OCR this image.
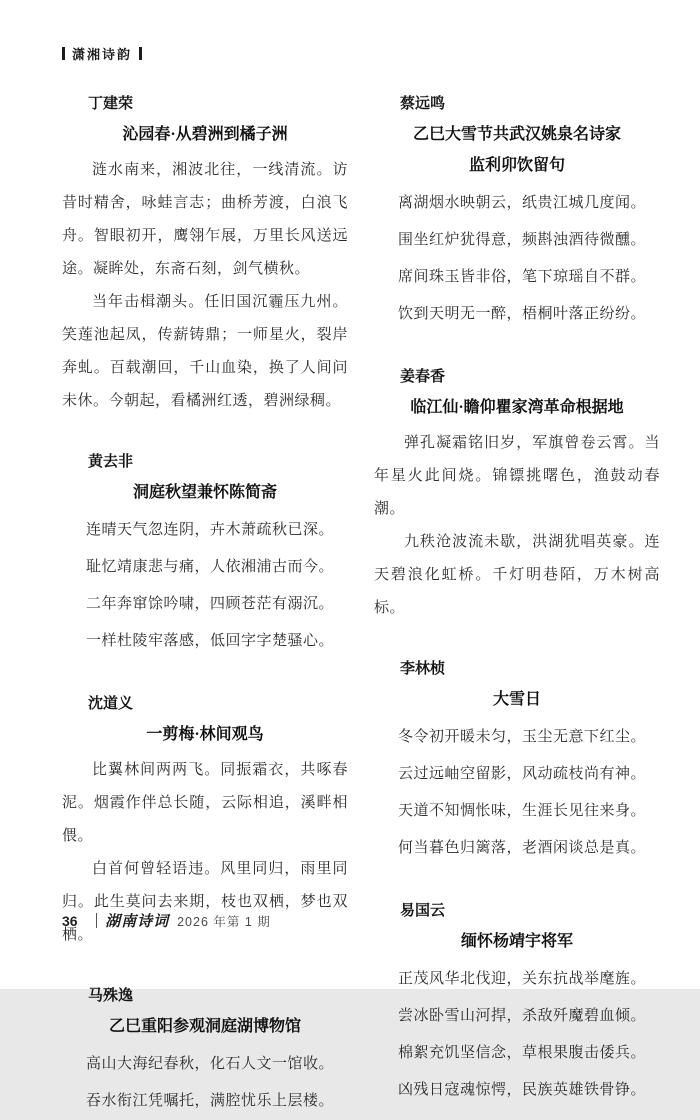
潇湘诗韵
丁建荣
沁园春·从碧洲到橘子洲

涟水南来，湘波北往，一线清流。访昔时精舍，咏蛙言志；曲桥芳渡，白浪飞舟。智眼初开，鹰翎乍展，万里长风送远途。凝眸处，东斋石刻，剑气横秋。

当年击楫潮头。任旧国沉霾压九州。笑莲池起凤，传薪铸鼎；一师星火，裂岸奔虬。百载潮回，千山血染，换了人间问未休。今朝起，看橘洲红透，碧洲绿稠。

黄去非
洞庭秋望兼怀陈简斋
连晴天气忽连阴，卉木萧疏秋已深。
耻忆靖康悲与痛，人依湘浦古而今。
二年奔窜馀吟啸，四顾苍茫有溺沉。
一样杜陵牢落感，低回字字楚骚心。
沈道义
一剪梅·林间观鸟

比翼林间两两飞。同振霜衣，共啄春泥。烟霞作伴总长随，云际相追，溪畔相偎。

白首何曾轻语违。风里同归，雨里同归。此生莫问去来期，枝也双栖，梦也双栖。

马殊逸
乙巳重阳参观洞庭湖博物馆
高山大海纪春秋，化石人文一馆收。
吞水衔江凭嘱托，满腔忧乐上层楼。
蔡远鸣
乙巳大雪节共武汉姚泉名诗家
监利卯饮留句
离湖烟水映朝云，纸贵江城几度闻。
围坐红炉犹得意，频斟浊酒待微醺。
席间珠玉皆非俗，笔下琼瑶自不群。
饮到天明无一醉，梧桐叶落正纷纷。
姜春香
临江仙·瞻仰瞿家湾革命根据地

弹孔凝霜铭旧岁，军旗曾卷云霄。当年星火此间烧。锦镖挑曙色，渔鼓动春潮。

九秩沧波流未歇，洪湖犹唱英豪。连天碧浪化虹桥。千灯明巷陌，万木树高标。

李林桢
大雪日
冬令初开暖未匀，玉尘无意下红尘。
云过远岫空留影，风动疏枝尚有神。
天道不知惆怅味，生涯长见往来身。
何当暮色归篱落，老酒闲谈总是真。
易国云
缅怀杨靖宇将军
正茂风华北伐迎，关东抗战举麾旌。
尝冰卧雪山河捍，杀敌歼魔碧血倾。
棉絮充饥坚信念，草根果腹击倭兵。
凶残日寇魂惊愕，民族英雄铁骨铮。
36 湖南诗词 2026 年第 1 期
